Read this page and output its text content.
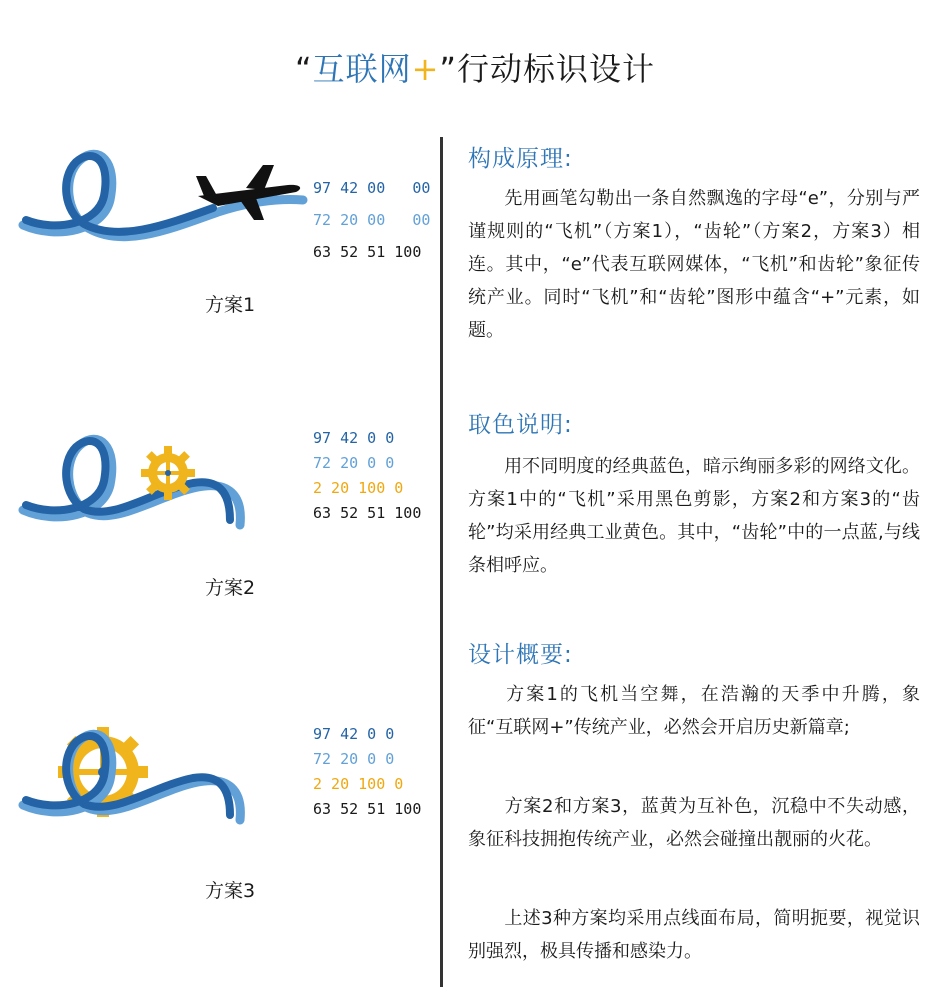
“互联网+”行动标识设计
97 42 00   00
72 20 00   00
63 52 51 100
方案1
97 42 0 0
72 20 0 0
2 20 100 0
63 52 51 100
方案2
97 42 0 0
72 20 0 0
2 20 100 0
63 52 51 100
方案3
构成原理:
先用画笔勾勒出一条自然飘逸的字母“e”，分别与严谨规则的“飞机”（方案1），“齿轮”（方案2，方案3）相连。其中，“e”代表互联网媒体，“飞机”和齿轮”象征传统产业。同时“飞机”和“齿轮”图形中蕴含“+”元素，如题。
取色说明:
用不同明度的经典蓝色，暗示绚丽多彩的网络文化。方案1中的“飞机”采用黑色剪影，方案2和方案3的“齿轮”均采用经典工业黄色。其中，“齿轮”中的一点蓝,与线条相呼应。
设计概要:
方案1的飞机当空舞，在浩瀚的天季中升腾，象征“互联网+”传统产业，必然会开启历史新篇章;
方案2和方案3，蓝黄为互补色，沉稳中不失动感，象征科技拥抱传统产业，必然会碰撞出靓丽的火花。
上述3种方案均采用点线面布局，简明扼要，视觉识别强烈，极具传播和感染力。
